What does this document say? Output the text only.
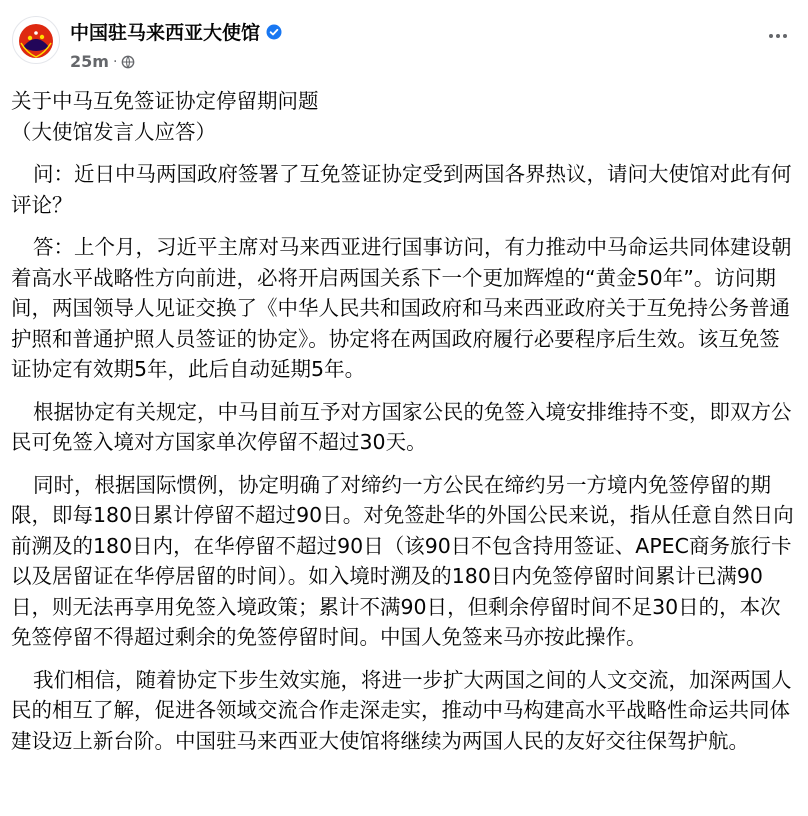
中国驻马来西亚大使馆
25m ·
关于中马互免签证协定停留期问题
（大使馆发言人应答）
问：近日中马两国政府签署了互免签证协定受到两国各界热议，请问大使馆对此有何评论？
答：上个月，习近平主席对马来西亚进行国事访问，有力推动中马命运共同体建设朝着高水平战略性方向前进，必将开启两国关系下一个更加辉煌的“黄金50年”。访问期间，两国领导人见证交换了《中华人民共和国政府和马来西亚政府关于互免持公务普通护照和普通护照人员签证的协定》。协定将在两国政府履行必要程序后生效。该互免签证协定有效期5年，此后自动延期5年。
根据协定有关规定，中马目前互予对方国家公民的免签入境安排维持不变，即双方公民可免签入境对方国家单次停留不超过30天。
同时，根据国际惯例，协定明确了对缔约一方公民在缔约另一方境内免签停留的期限，即每180日累计停留不超过90日。对免签赴华的外国公民来说，指从任意自然日向前溯及的180日内，在华停留不超过90日（该90日不包含持用签证、APEC商务旅行卡以及居留证在华停居留的时间）。如入境时溯及的180日内免签停留时间累计已满90日，则无法再享用免签入境政策；累计不满90日，但剩余停留时间不足30日的，本次免签停留不得超过剩余的免签停留时间。中国人免签来马亦按此操作。
我们相信，随着协定下步生效实施，将进一步扩大两国之间的人文交流，加深两国人民的相互了解，促进各领域交流合作走深走实，推动中马构建高水平战略性命运共同体建设迈上新台阶。中国驻马来西亚大使馆将继续为两国人民的友好交往保驾护航。
